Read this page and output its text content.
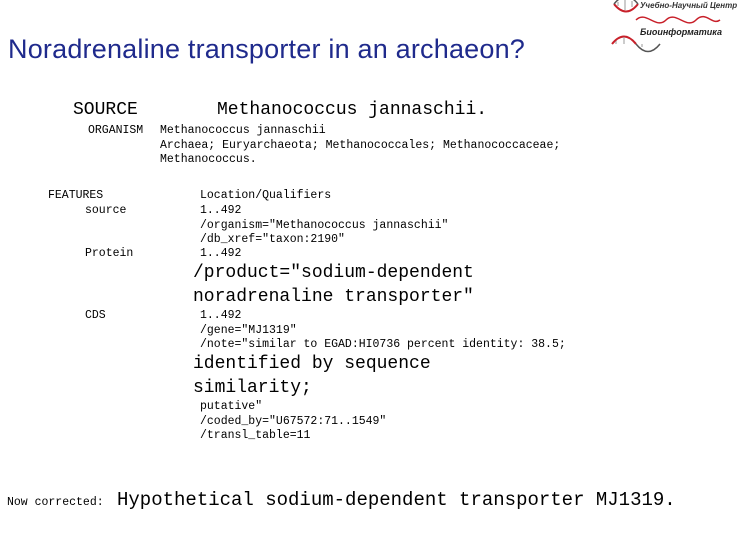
Учебно-Научный Центр
Биоинформатика
Noradrenaline transporter in an archaeon?
SOURCE	Methanococcus jannaschii.
ORGANISM Methanococcus jannaschii
Archaea; Euryarchaeota; Methanococcales; Methanococcaceae;
Methanococcus.
FEATURES	Location/Qualifiers
source	1..492
/organism="Methanococcus jannaschii"
/db_xref="taxon:2190"
Protein	1..492
/product="sodium-dependent
noradrenaline transporter"
CDS	1..492
/gene="MJ1319"
/note="similar to EGAD:HI0736 percent identity: 38.5;
identified by sequence
similarity;
putative"
/coded_by="U67572:71..1549"
/transl_table=11
Now corrected: Hypothetical sodium-dependent transporter MJ1319.
